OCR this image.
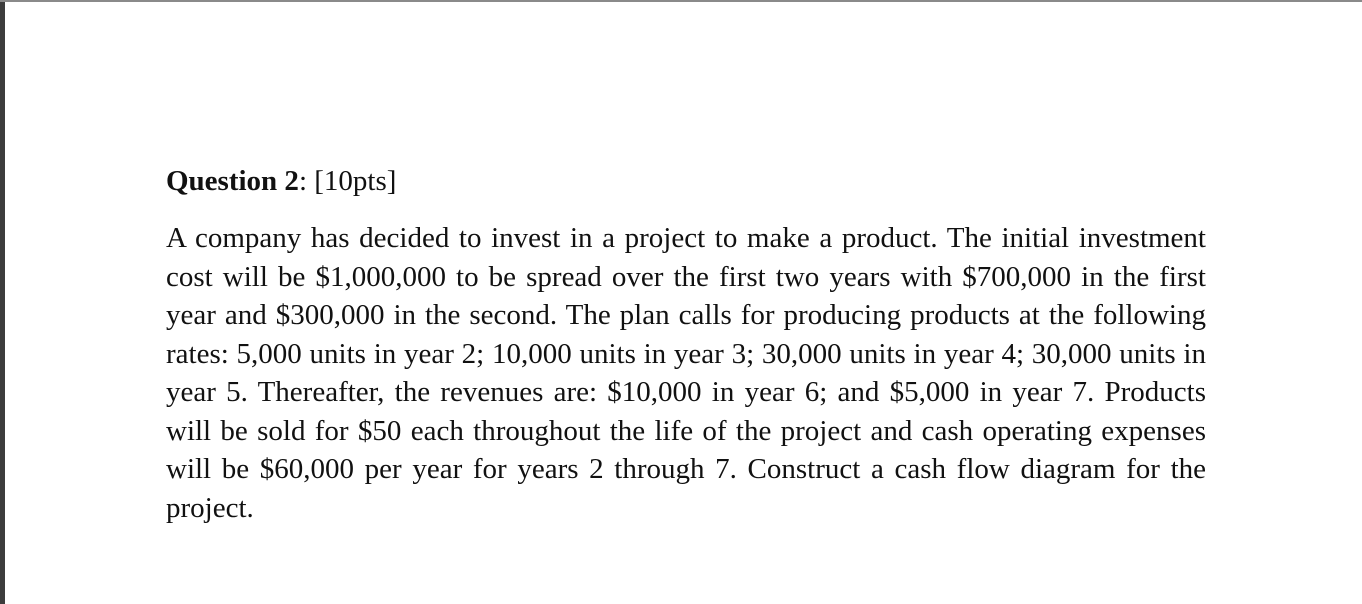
Question 2: [10pts]

A company has decided to invest in a project to make a product. The initial investment cost will be $1,000,000 to be spread over the first two years with $700,000 in the first year and $300,000 in the second. The plan calls for producing products at the following rates: 5,000 units in year 2; 10,000 units in year 3; 30,000 units in year 4; 30,000 units in year 5. Thereafter, the revenues are: $10,000 in year 6; and $5,000 in year 7. Products will be sold for $50 each throughout the life of the project and cash operating expenses will be $60,000 per year for years 2 through 7. Construct a cash flow diagram for the project.
